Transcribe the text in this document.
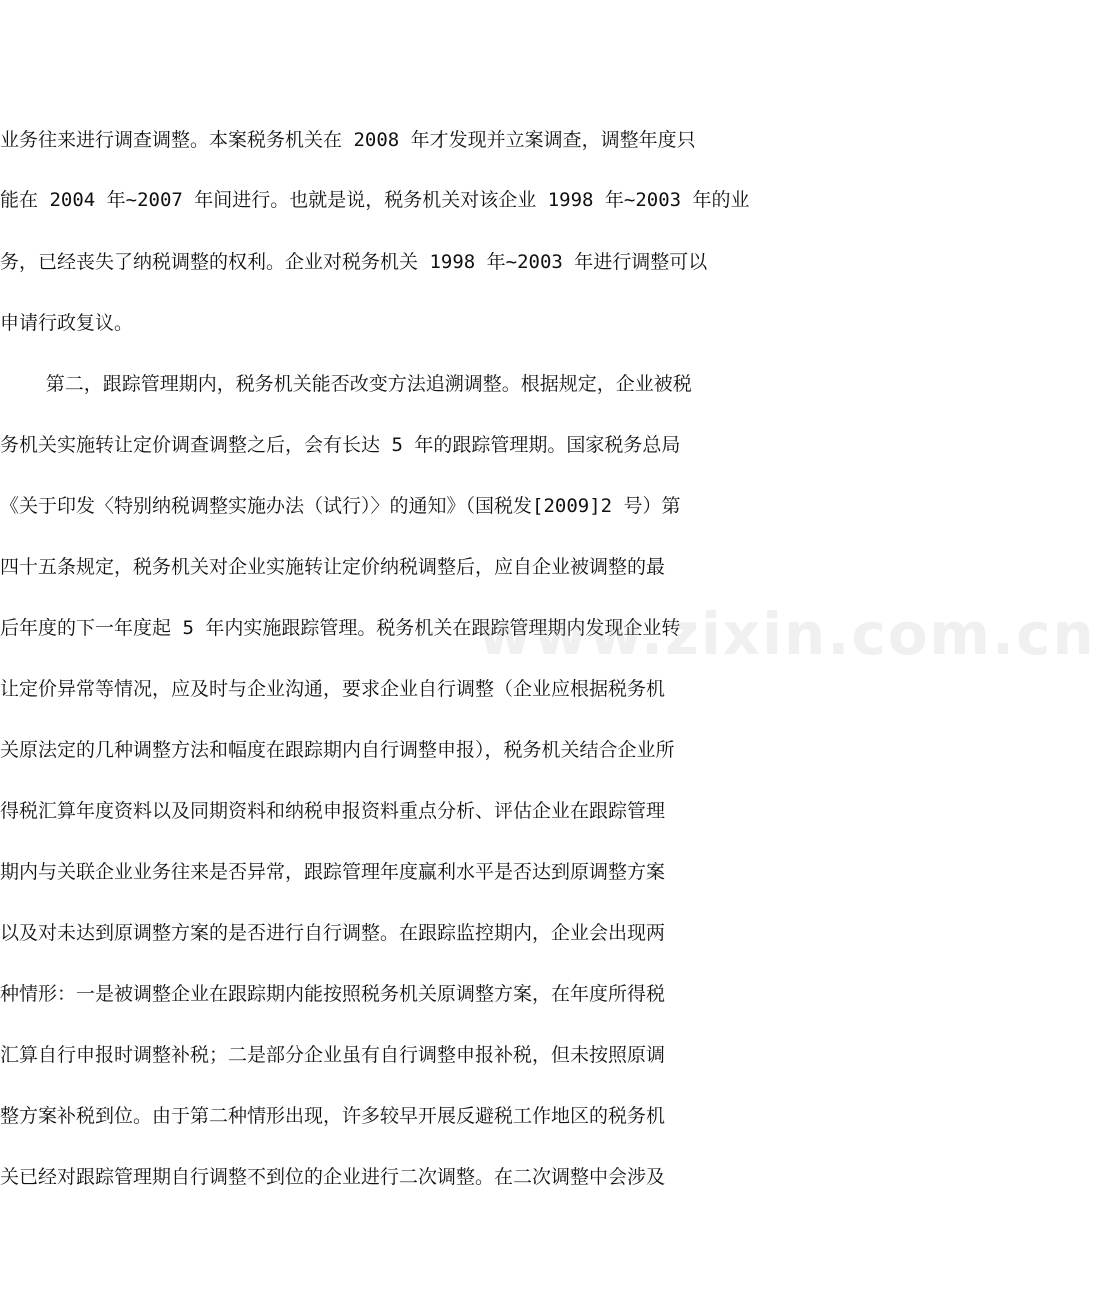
业务往来进行调查调整。本案税务机关在 2008 年才发现并立案调查，调整年度只
能在 2004 年~2007 年间进行。也就是说，税务机关对该企业 1998 年~2003 年的业
务，已经丧失了纳税调整的权利。企业对税务机关 1998 年~2003 年进行调整可以
申请行政复议。
第二，跟踪管理期内，税务机关能否改变方法追溯调整。根据规定，企业被税
务机关实施转让定价调查调整之后，会有长达 5 年的跟踪管理期。国家税务总局
《关于印发〈特别纳税调整实施办法（试行）〉的通知》（国税发[2009]2 号）第
四十五条规定，税务机关对企业实施转让定价纳税调整后，应自企业被调整的最
后年度的下一年度起 5 年内实施跟踪管理。税务机关在跟踪管理期内发现企业转
让定价异常等情况，应及时与企业沟通，要求企业自行调整（企业应根据税务机
关原法定的几种调整方法和幅度在跟踪期内自行调整申报），税务机关结合企业所
得税汇算年度资料以及同期资料和纳税申报资料重点分析、评估企业在跟踪管理
期内与关联企业业务往来是否异常，跟踪管理年度赢利水平是否达到原调整方案
以及对未达到原调整方案的是否进行自行调整。在跟踪监控期内，企业会出现两
种情形：一是被调整企业在跟踪期内能按照税务机关原调整方案，在年度所得税
汇算自行申报时调整补税；二是部分企业虽有自行调整申报补税，但未按照原调
整方案补税到位。由于第二种情形出现，许多较早开展反避税工作地区的税务机
关已经对跟踪管理期自行调整不到位的企业进行二次调整。在二次调整中会涉及
www.zixin.com.cn
